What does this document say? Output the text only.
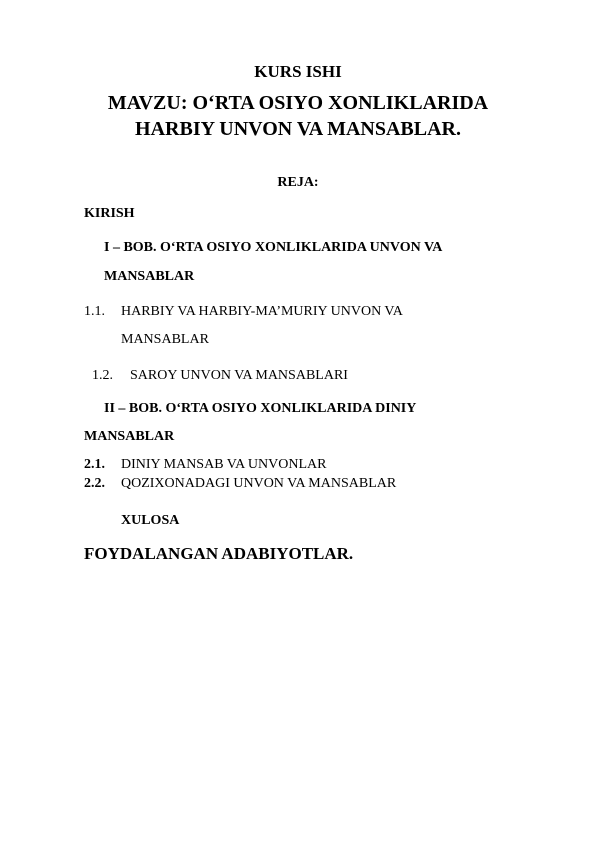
KURS ISHI
MAVZU: O‘RTA OSIYO XONLIKLARIDA
HARBIY UNVON VA MANSABLAR.
REJA:
KIRISH
I – BOB. O‘RTA OSIYO XONLIKLARIDA UNVON VA
MANSABLAR
1.1. HARBIY VA HARBIY-MA’MURIY UNVON VA
MANSABLAR
1.2. SAROY UNVON VA MANSABLARI
II – BOB. O‘RTA OSIYO XONLIKLARIDA DINIY
MANSABLAR
2.1. DINIY MANSAB VA UNVONLAR
2.2. QOZIXONADAGI UNVON VA MANSABLAR
XULOSA
FOYDALANGAN ADABIYOTLAR.
